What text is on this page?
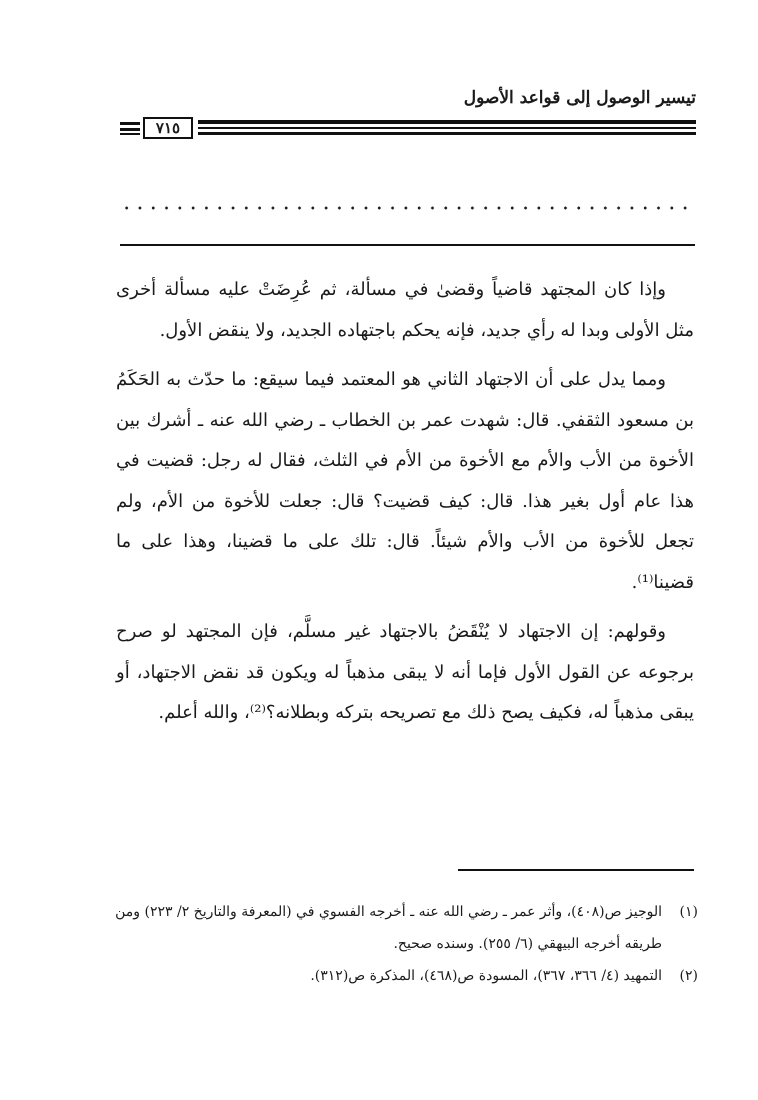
تيسير الوصول إلى قواعد الأصول
٧١٥

وإذا كان المجتهد قاضياً وقضىٰ في مسألة، ثم عُرِضَتْ عليه مسألة أخرى مثل الأولى وبدا له رأي جديد، فإنه يحكم باجتهاده الجديد، ولا ينقض الأول.

ومما يدل على أن الاجتهاد الثاني هو المعتمد فيما سيقع: ما حدّث به الحَكَمُ بن مسعود الثقفي. قال: شهدت عمر بن الخطاب ـ رضي الله عنه ـ أشرك بين الأخوة من الأب والأم مع الأخوة من الأم في الثلث، فقال له رجل: قضيت في هذا عام أول بغير هذا. قال: كيف قضيت؟ قال: جعلت للأخوة من الأم، ولم تجعل للأخوة من الأب والأم شيئاً. قال: تلك على ما قضينا، وهذا على ما قضينا⁽¹⁾.

وقولهم: إن الاجتهاد لا يُنْقَضُ بالاجتهاد غير مسلَّم، فإن المجتهد لو صرح برجوعه عن القول الأول فإما أنه لا يبقى مذهباً له ويكون قد نقض الاجتهاد، أو يبقى مذهباً له، فكيف يصح ذلك مع تصريحه بتركه وبطلانه؟⁽²⁾، والله أعلم.

(١)
الوجيز ص(٤٠٨)، وأثر عمر ـ رضي الله عنه ـ أخرجه الفسوي في (المعرفة والتاريخ ٢/ ٢٢٣) ومن طريقه أخرجه البيهقي (٦/ ٢٥٥). وسنده صحيح.
(٢)
التمهيد (٤/ ٣٦٦، ٣٦٧)، المسودة ص(٤٦٨)، المذكرة ص(٣١٢).
